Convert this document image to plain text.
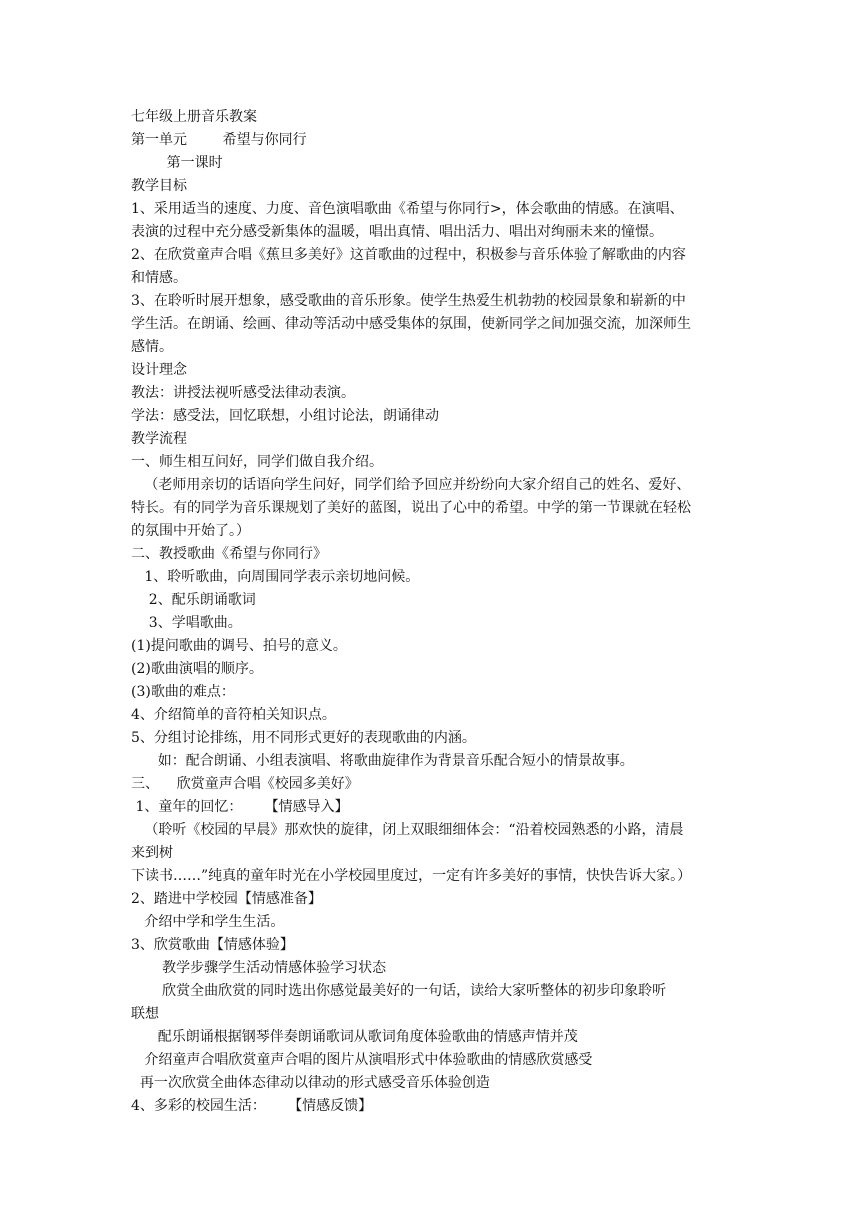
七年级上册音乐教案
第一单元        希望与你同行
第一课时
教学目标
1、采用适当的速度、力度、音色演唱歌曲《希望与你同行>，体会歌曲的情感。在演唱、
表演的过程中充分感受新集体的温暖，唱出真情、唱出活力、唱出对绚丽未来的憧憬。
2、在欣赏童声合唱《蕉旦多美好》这首歌曲的过程中，积极参与音乐体验了解歌曲的内容
和情感。
3、在聆听时展开想象，感受歌曲的音乐形象。使学生热爱生机勃勃的校园景象和崭新的中
学生活。在朗诵、绘画、律动等活动中感受集体的氛围，使新同学之间加强交流，加深师生
感情。
设计理念
教法：讲授法视听感受法律动表演。
学法：感受法，回忆联想，小组讨论法，朗诵律动
教学流程
一、师生相互问好，同学们做自我介绍。
（老师用亲切的话语向学生问好，同学们给予回应并纷纷向大家介绍自己的姓名、爱好、
特长。有的同学为音乐课规划了美好的蓝图，说出了心中的希望。中学的第一节课就在轻松
的氛围中开始了。）
二、教授歌曲《希望与你同行》
1、聆听歌曲，向周围同学表示亲切地问候。
2、配乐朗诵歌词
3、学唱歌曲。
(1)提问歌曲的调号、拍号的意义。
(2)歌曲演唱的顺序。
(3)歌曲的难点：
4、介绍简单的音符柏关知识点。
5、分组讨论排练，用不同形式更好的表现歌曲的内涵。
如：配合朗诵、小组表演唱、将歌曲旋律作为背景音乐配合短小的情景故事。
三、    欣赏童声合唱《校园多美好》
1、童年的回忆：     【情感导入】
（聆听《校园的早晨》那欢快的旋律，闭上双眼细细体会：“沿着校园熟悉的小路，清晨
来到树
下读书……”纯真的童年时光在小学校园里度过，一定有许多美好的事情，快快告诉大家。）
2、踏进中学校园【情感准备】
介绍中学和学生生活。
3、欣赏歌曲【情感体验】
教学步骤学生活动情感体验学习状态
欣赏全曲欣赏的同时选出你感觉最美好的一句话，读给大家听整体的初步印象聆听
联想
配乐朗诵根据钢琴伴奏朗诵歌词从歌词角度体验歌曲的情感声情并茂
介绍童声合唱欣赏童声合唱的图片从演唱形式中体验歌曲的情感欣赏感受
再一次欣赏全曲体态律动以律动的形式感受音乐体验创造
4、多彩的校园生活：     【情感反馈】
